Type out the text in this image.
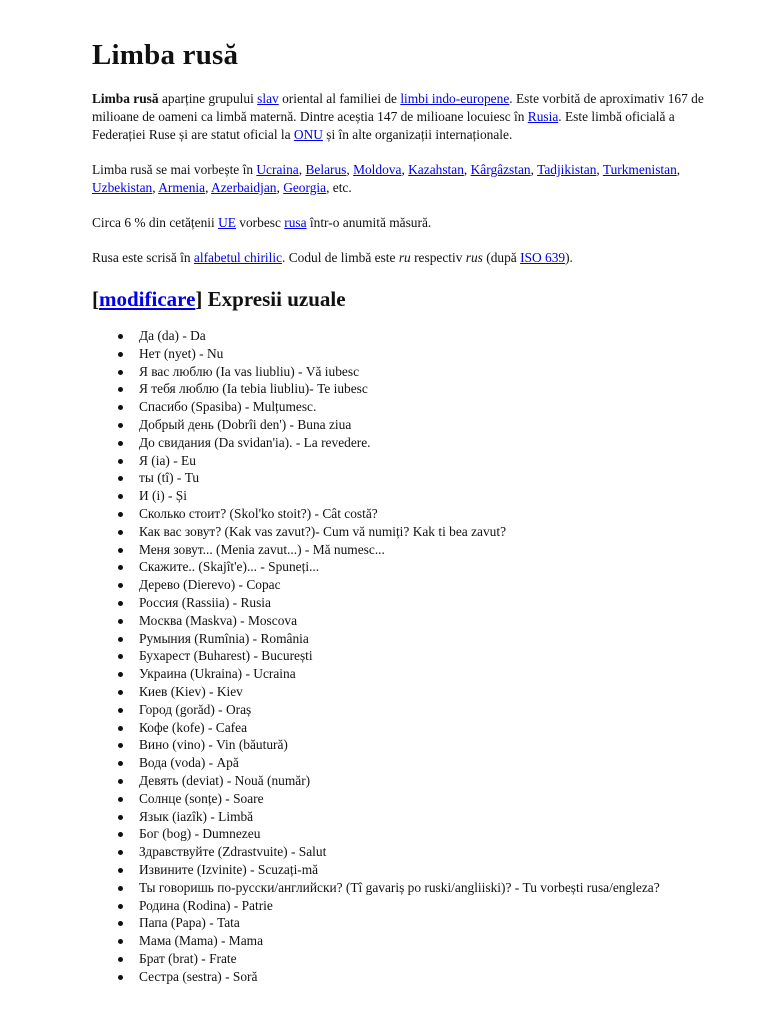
Limba rusă

Limba rusă aparține grupului slav oriental al familiei de limbi indo-europene. Este vorbită de aproximativ 167 de milioane de oameni ca limbă maternă. Dintre aceștia 147 de milioane locuiesc în Rusia. Este limbă oficială a Federației Ruse și are statut oficial la ONU și în alte organizații internaționale.

Limba rusă se mai vorbește în Ucraina, Belarus, Moldova, Kazahstan, Kârgâzstan, Tadjikistan, Turkmenistan, Uzbekistan, Armenia, Azerbaidjan, Georgia, etc.

Circa 6 % din cetățenii UE vorbesc rusa într-o anumită măsură.

Rusa este scrisă în alfabetul chirilic. Codul de limbă este ru respectiv rus (după ISO 639).

[modificare] Expresii uzuale
Да (da) - Da
Нет (nyet) - Nu
Я вас люблю (Ia vas liubliu) - Vă iubesc
Я тебя люблю (Ia tebia liubliu)- Te iubesc
Спасибо (Spasiba) - Mulțumesc.
Добрый день (Dobrîi den') - Buna ziua
До свидания (Da svidan'ia). - La revedere.
Я (ia) - Eu
ты (tî) - Tu
И (i) - Și
Сколько стоит? (Skol'ko stoit?) - Cât costă?
Как вас зовут? (Kak vas zavut?)- Cum vă numiți? Kak ti bea zavut?
Меня зовут... (Menia zavut...) - Mă numesc...
Скажите.. (Skajît'e)... - Spuneți...
Дерево (Dierevo) - Copac
Россия (Rassiia) - Rusia
Москва (Maskva) - Moscova
Румыния (Rumînia) - România
Бухарест (Buharest) - București
Украина (Ukraina) - Ucraina
Киев (Kiev) - Kiev
Город (gorăd) - Oraș
Кофе (kofe) - Cafea
Вино (vino) - Vin (băutură)
Вода (voda) - Apă
Девять (deviat) - Nouă (număr)
Солнце (sonțe) - Soare
Язык (iazîk) - Limbă
Бог (bog) - Dumnezeu
Здравствуйте (Zdrastvuite) - Salut
Извините (Izvinite) - Scuzați-mă
Ты говоришь по-русски/английски? (Tî gavariș po ruski/angliiski)? - Tu vorbești rusa/engleza?
Родина (Rodina) - Patrie
Папа (Papa) - Tata
Мама (Mama) - Mama
Брат (brat) - Frate
Сестра (sestra) - Soră
